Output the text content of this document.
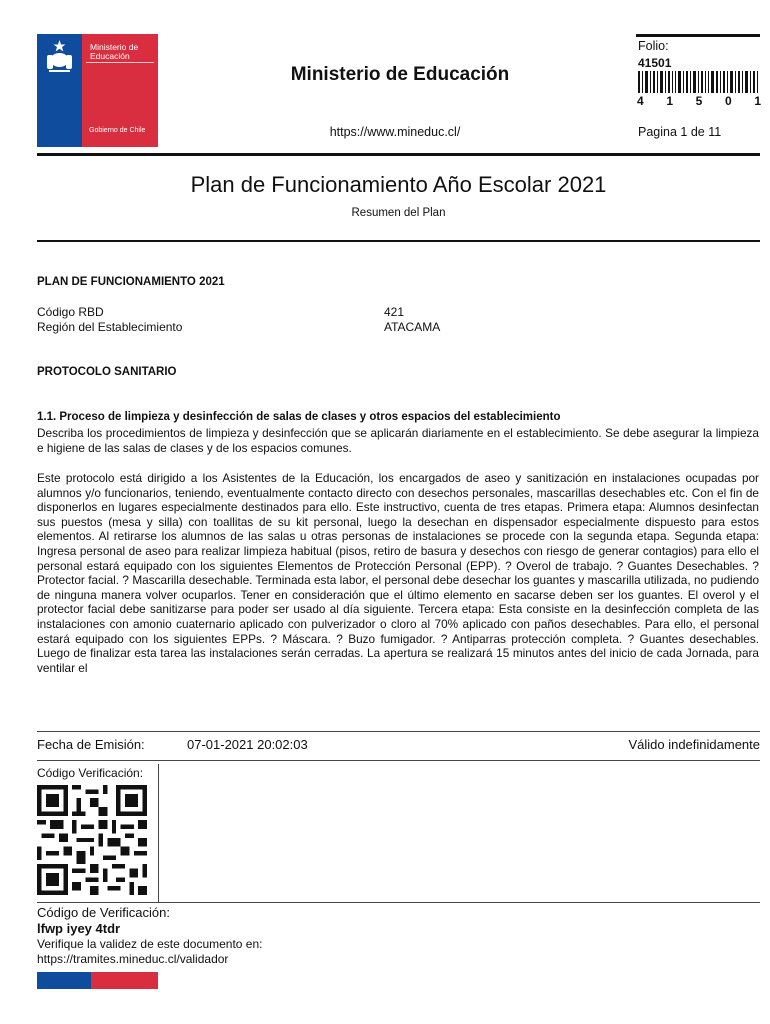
Ministerio de
Educación
Gobierno de Chile
Ministerio de Educación
https://www.mineduc.cl/
Folio:
41501
4 1 5 0 1
Pagina 1 de 11
Plan de Funcionamiento Año Escolar 2021
Resumen del Plan
PLAN DE FUNCIONAMIENTO 2021
Código RBD	421
Región del Establecimiento	ATACAMA
PROTOCOLO SANITARIO
1.1. Proceso de limpieza y desinfección de salas de clases y otros espacios del establecimiento
Describa los procedimientos de limpieza y desinfección que se aplicarán diariamente en el establecimiento. Se debe asegurar la limpieza e higiene de las salas de clases y de los espacios comunes.
Este protocolo está dirigido a los Asistentes de la Educación, los encargados de aseo y sanitización en instalaciones ocupadas por alumnos y/o funcionarios, teniendo, eventualmente contacto directo con desechos personales, mascarillas desechables etc. Con el fin de disponerlos en lugares especialmente destinados para ello. Este instructivo, cuenta de tres etapas. Primera etapa: Alumnos desinfectan sus puestos (mesa y silla) con toallitas de su kit personal, luego la desechan en dispensador especialmente dispuesto para estos elementos. Al retirarse los alumnos de las salas u otras personas de instalaciones se procede con la segunda etapa. Segunda etapa: Ingresa personal de aseo para realizar limpieza habitual (pisos, retiro de basura y desechos con riesgo de generar contagios) para ello el personal estará equipado con los siguientes Elementos de Protección Personal (EPP). ? Overol de trabajo. ? Guantes Desechables. ? Protector facial. ? Mascarilla desechable. Terminada esta labor, el personal debe desechar los guantes y mascarilla utilizada, no pudiendo de ninguna manera volver ocuparlos. Tener en consideración que el último elemento en sacarse deben ser los guantes. El overol y el protector facial debe sanitizarse para poder ser usado al día siguiente. Tercera etapa: Esta consiste en la desinfección completa de las instalaciones con amonio cuaternario aplicado con pulverizador o cloro al 70% aplicado con paños desechables. Para ello, el personal estará equipado con los siguientes EPPs. ? Máscara. ? Buzo fumigador. ? Antiparras protección completa. ? Guantes desechables. Luego de finalizar esta tarea las instalaciones serán cerradas. La apertura se realizará 15 minutos antes del inicio de cada Jornada, para ventilar el
Fecha de Emisión:	07-01-2021 20:02:03	Válido indefinidamente
Código Verificación:
Código de Verificación:
lfwp iyey 4tdr
Verifique la validez de este documento en:
https://tramites.mineduc.cl/validador
